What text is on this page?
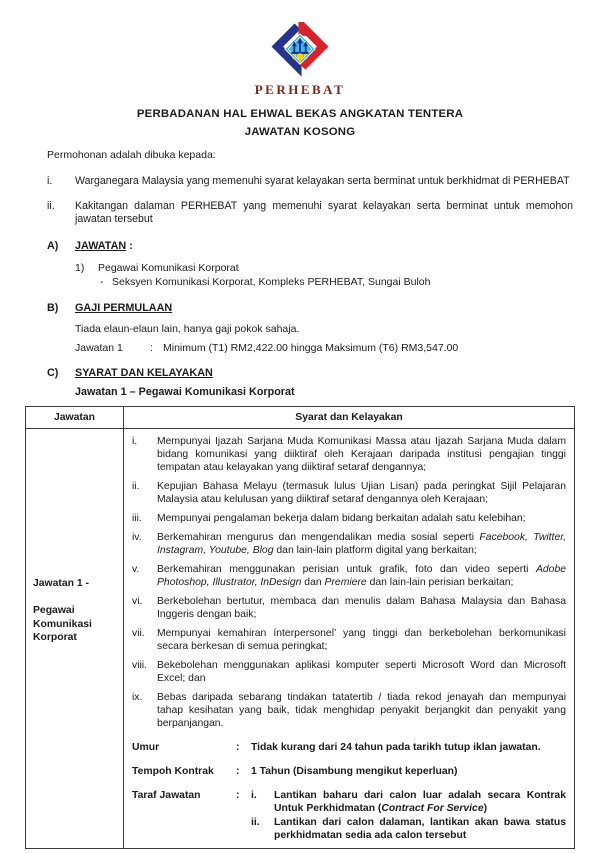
PERHEBAT
PERBADANAN HAL EHWAL BEKAS ANGKATAN TENTERA
JAWATAN KOSONG

Permohonan adalah dibuka kepada:

i.	Warganegara Malaysia yang memenuhi syarat kelayakan serta berminat untuk berkhidmat di PERHEBAT
ii.	Kakitangan dalaman PERHEBAT yang memenuhi syarat kelayakan serta berminat untuk memohon jawatan tersebut
A)	JAWATAN :
1)	Pegawai Komunikasi Korporat
- Seksyen Komunikasi Korporat, Kompleks PERHEBAT, Sungai Buloh
B)	GAJI PERMULAAN

Tiada elaun-elaun lain, hanya gaji pokok sahaja.

Jawatan 1	: Minimum (T1) RM2,422.00 hingga Maksimum (T6) RM3,547.00
C)	SYARAT DAN KELAYAKAN
Jawatan 1 – Pegawai Komunikasi Korporat
Jawatan	Syarat dan Kelayakan
Jawatan 1 -
Pegawai Komunikasi Korporat
i.	Mempunyai Ijazah Sarjana Muda Komunikasi Massa atau Ijazah Sarjana Muda dalam bidang komunikasi yang diiktiraf oleh Kerajaan daripada institusi pengajian tinggi tempatan atau kelayakan yang diiktiraf setaraf dengannya;
ii.	Kepujian Bahasa Melayu (termasuk lulus Ujian Lisan) pada peringkat Sijil Pelajaran Malaysia atau kelulusan yang diiktiraf setaraf dengannya oleh Kerajaan;
iii.	Mempunyai pengalaman bekerja dalam bidang berkaitan adalah satu kelebihan;
iv.	Berkemahiran mengurus dan mengendalikan media sosial seperti Facebook, Twitter, Instagram, Youtube, Blog dan lain-lain platform digital yang berkaitan;
v.	Berkemahiran menggunakan perisian untuk grafik, foto dan video seperti Adobe Photoshop, Illustrator, InDesign dan Premiere dan lain-lain perisian berkaitan;
vi.	Berkebolehan bertutur, membaca dan menulis dalam Bahasa Malaysia dan Bahasa Inggeris dengan baik;
vii.	Mempunyai kemahiran ínterpersonel’ yang tinggi dan berkebolehan berkomunikasi secara berkesan di semua peringkat;
viii. Bekebolehan menggunakan aplikasi komputer seperti Microsoft Word dan Microsoft Excel; dan
ix.	Bebas daripada sebarang tindakan tatatertib / tiada rekod jenayah dan mempunyai tahap kesihatan yang baik, tidak menghidap penyakit berjangkit dan penyakit yang berpanjangan.
Umur	:	Tidak kurang dari 24 tahun pada tarikh tutup iklan jawatan.
Tempoh Kontrak	:	1 Tahun (Disambung mengikut keperluan)
Taraf Jawatan	:	i.	Lantikan baharu dari calon luar adalah secara Kontrak Untuk Perkhidmatan (Contract For Service)
ii.	Lantikan dari calon dalaman, lantikan akan bawa status perkhidmatan sedia ada calon tersebut
